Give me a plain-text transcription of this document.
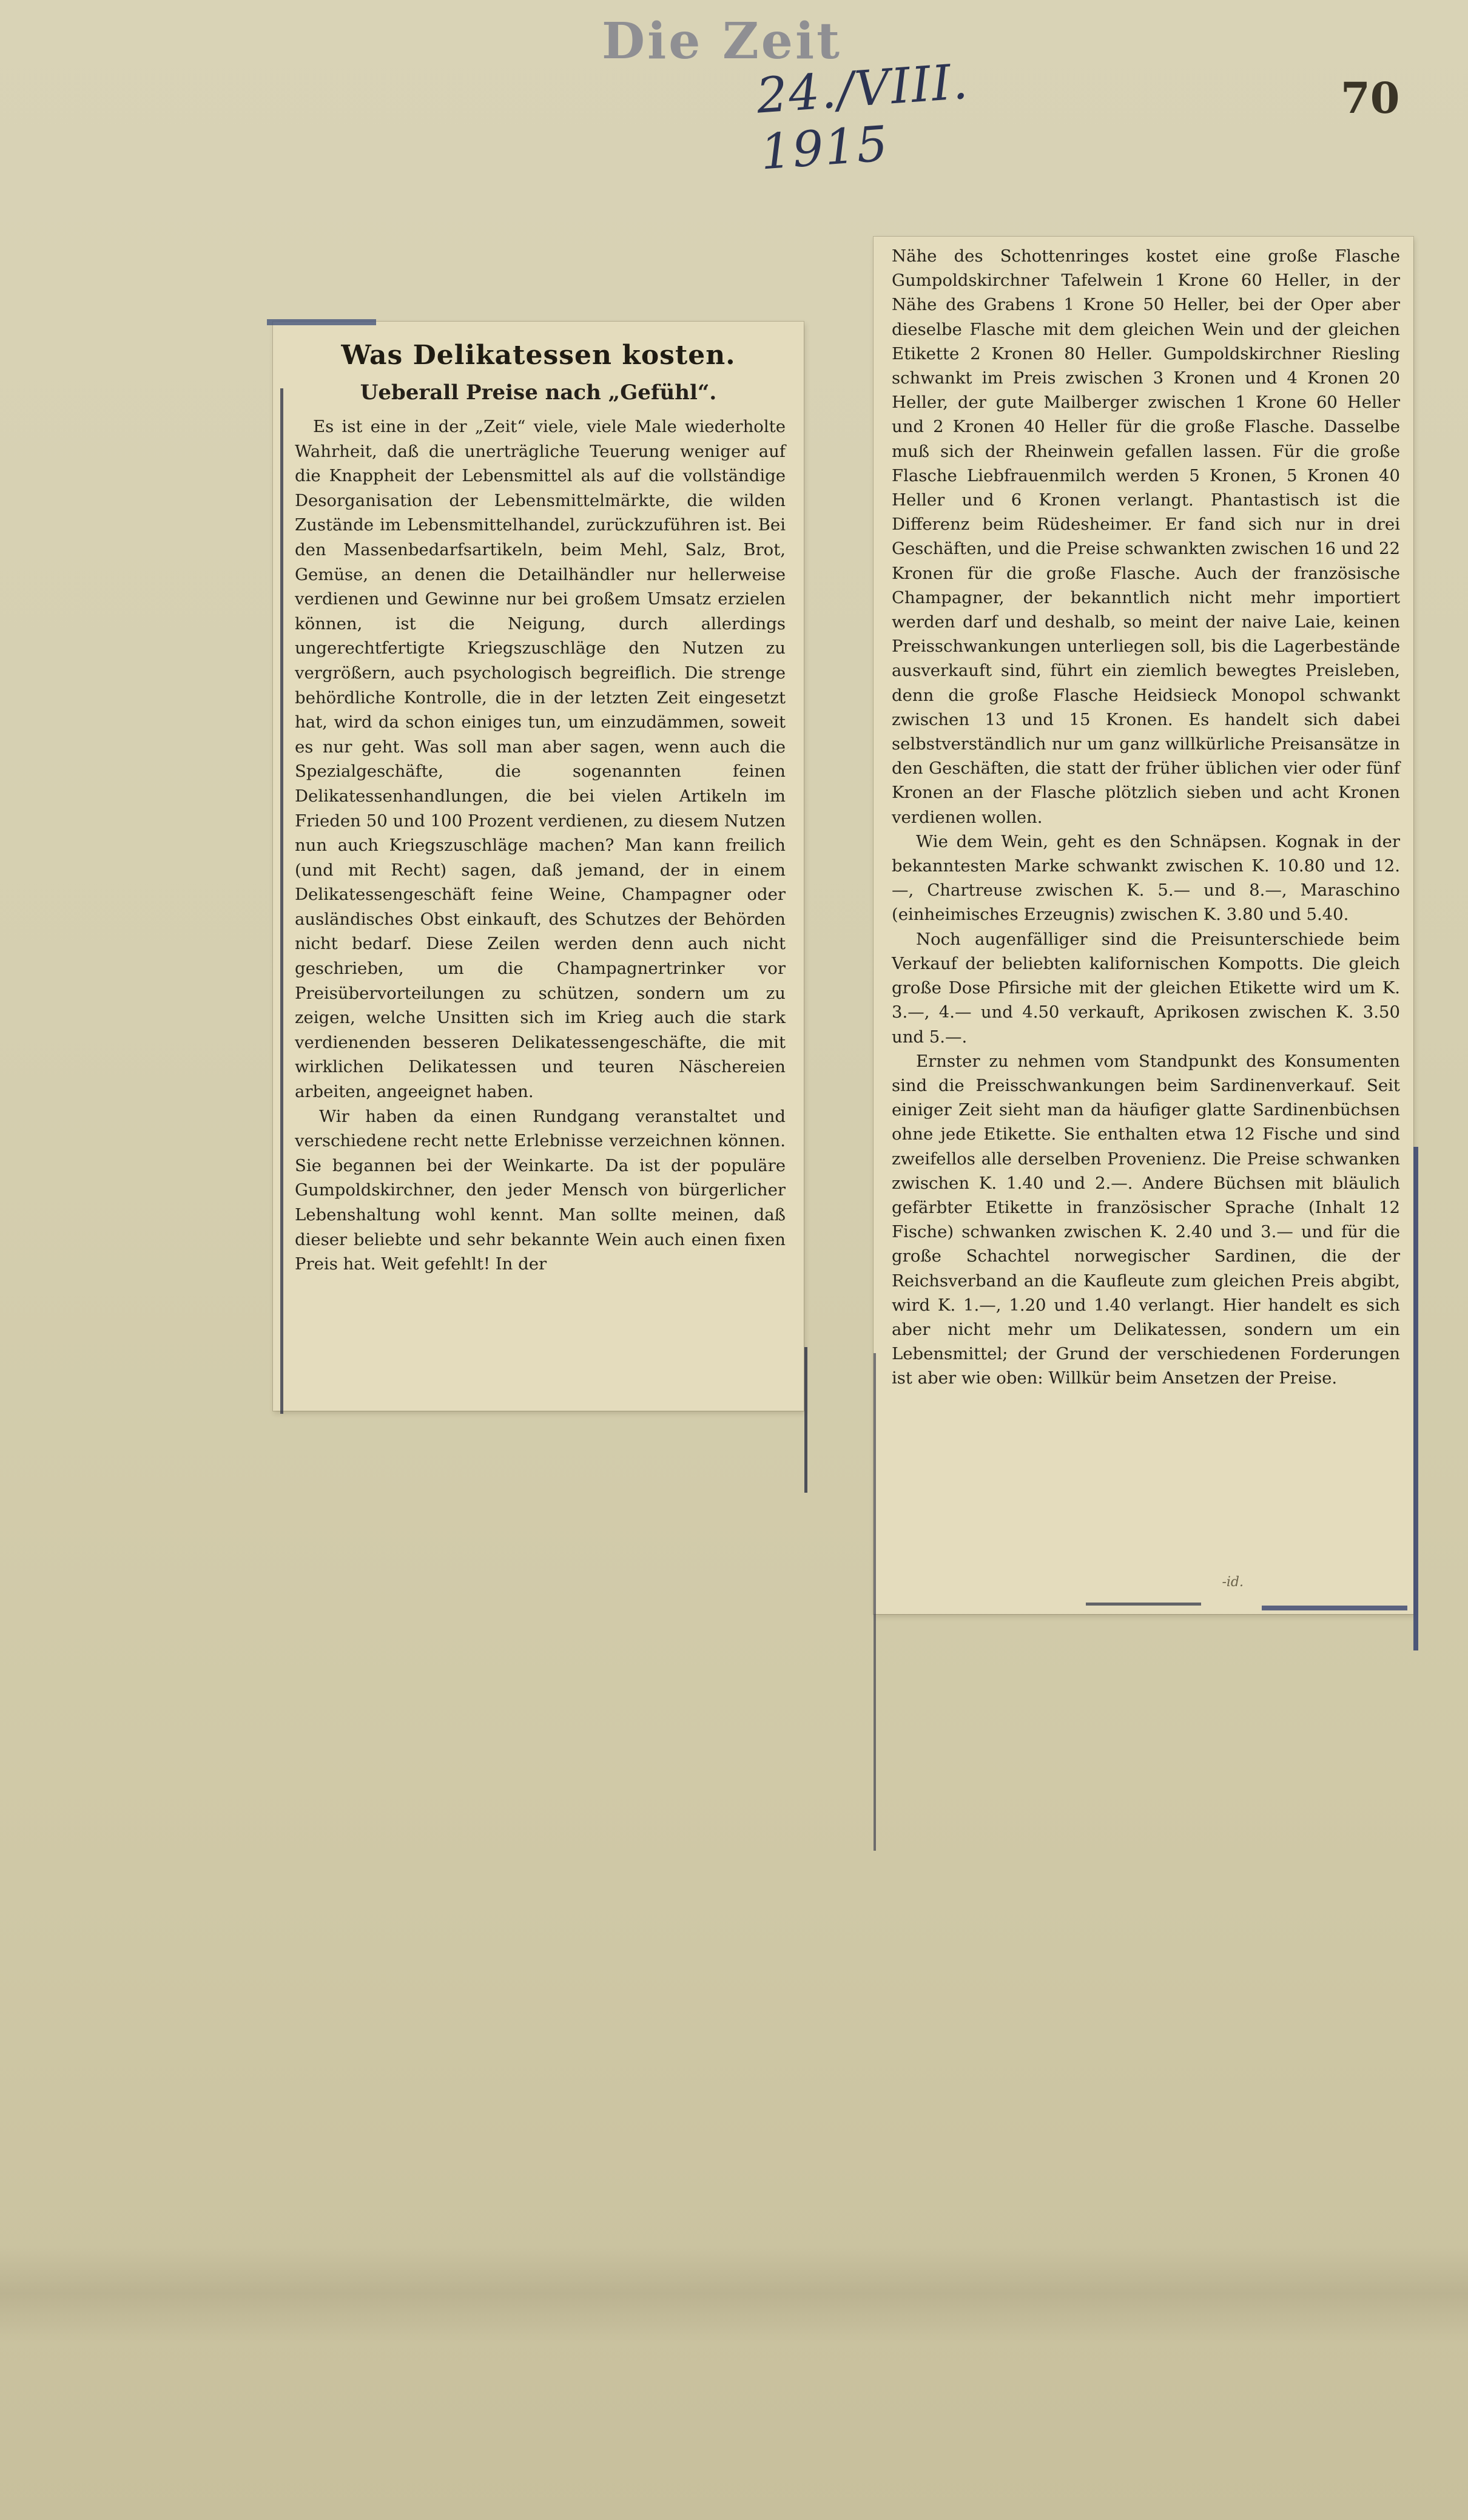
Die Zeit
24./VIII. 1915
70
Was Delikatessen kosten.
Ueberall Preise nach „Gefühl“.

Es ist eine in der „Zeit“ viele, viele Male wiederholte Wahrheit, daß die unerträgliche Teuerung weniger auf die Knappheit der Lebensmittel als auf die vollständige Desorganisation der Lebensmittelmärkte, die wilden Zustände im Lebensmittelhandel, zurückzuführen ist. Bei den Massenbedarfsartikeln, beim Mehl, Salz, Brot, Gemüse, an denen die Detailhändler nur hellerweise verdienen und Gewinne nur bei großem Umsatz erzielen können, ist die Neigung, durch allerdings ungerechtfertigte Kriegszuschläge den Nutzen zu vergrößern, auch psychologisch begreiflich. Die strenge behördliche Kontrolle, die in der letzten Zeit eingesetzt hat, wird da schon einiges tun, um einzudämmen, soweit es nur geht. Was soll man aber sagen, wenn auch die Spezialgeschäfte, die sogenannten feinen Delikatessenhandlungen, die bei vielen Artikeln im Frieden 50 und 100 Prozent verdienen, zu diesem Nutzen nun auch Kriegszuschläge machen? Man kann freilich (und mit Recht) sagen, daß jemand, der in einem Delikatessengeschäft feine Weine, Champagner oder ausländisches Obst einkauft, des Schutzes der Behörden nicht bedarf. Diese Zeilen werden denn auch nicht geschrieben, um die Champagnertrinker vor Preisübervorteilungen zu schützen, sondern um zu zeigen, welche Unsitten sich im Krieg auch die stark verdienenden besseren Delikatessengeschäfte, die mit wirklichen Delikatessen und teuren Näschereien arbeiten, angeeignet haben.

Wir haben da einen Rundgang veranstaltet und verschiedene recht nette Erlebnisse verzeichnen können. Sie begannen bei der Weinkarte. Da ist der populäre Gumpoldskirchner, den jeder Mensch von bürgerlicher Lebenshaltung wohl kennt. Man sollte meinen, daß dieser beliebte und sehr bekannte Wein auch einen fixen Preis hat. Weit gefehlt! In der

Nähe des Schottenringes kostet eine große Flasche Gumpoldskirchner Tafelwein 1 Krone 60 Heller, in der Nähe des Grabens 1 Krone 50 Heller, bei der Oper aber dieselbe Flasche mit dem gleichen Wein und der gleichen Etikette 2 Kronen 80 Heller. Gumpoldskirchner Riesling schwankt im Preis zwischen 3 Kronen und 4 Kronen 20 Heller, der gute Mailberger zwischen 1 Krone 60 Heller und 2 Kronen 40 Heller für die große Flasche. Dasselbe muß sich der Rheinwein gefallen lassen. Für die große Flasche Liebfrauenmilch werden 5 Kronen, 5 Kronen 40 Heller und 6 Kronen verlangt. Phantastisch ist die Differenz beim Rüdesheimer. Er fand sich nur in drei Geschäften, und die Preise schwankten zwischen 16 und 22 Kronen für die große Flasche. Auch der französische Champagner, der bekanntlich nicht mehr importiert werden darf und deshalb, so meint der naive Laie, keinen Preisschwankungen unterliegen soll, bis die Lagerbestände ausverkauft sind, führt ein ziemlich bewegtes Preisleben, denn die große Flasche Heidsieck Monopol schwankt zwischen 13 und 15 Kronen. Es handelt sich dabei selbstverständlich nur um ganz willkürliche Preisansätze in den Geschäften, die statt der früher üblichen vier oder fünf Kronen an der Flasche plötzlich sieben und acht Kronen verdienen wollen.

Wie dem Wein, geht es den Schnäpsen. Kognak in der bekanntesten Marke schwankt zwischen K. 10.80 und 12.—, Chartreuse zwischen K. 5.— und 8.—, Maraschino (einheimisches Erzeugnis) zwischen K. 3.80 und 5.40.

Noch augenfälliger sind die Preisunterschiede beim Verkauf der beliebten kalifornischen Kompotts. Die gleich große Dose Pfirsiche mit der gleichen Etikette wird um K. 3.—, 4.— und 4.50 verkauft, Aprikosen zwischen K. 3.50 und 5.—.

Ernster zu nehmen vom Standpunkt des Konsumenten sind die Preisschwankungen beim Sardinenverkauf. Seit einiger Zeit sieht man da häufiger glatte Sardinenbüchsen ohne jede Etikette. Sie enthalten etwa 12 Fische und sind zweifellos alle derselben Provenienz. Die Preise schwanken zwischen K. 1.40 und 2.—. Andere Büchsen mit bläulich gefärbter Etikette in französischer Sprache (Inhalt 12 Fische) schwanken zwischen K. 2.40 und 3.— und für die große Schachtel norwegischer Sardinen, die der Reichsverband an die Kaufleute zum gleichen Preis abgibt, wird K. 1.—, 1.20 und 1.40 verlangt. Hier handelt es sich aber nicht mehr um Delikatessen, sondern um ein Lebensmittel; der Grund der verschiedenen Forderungen ist aber wie oben: Willkür beim Ansetzen der Preise.

-id.
